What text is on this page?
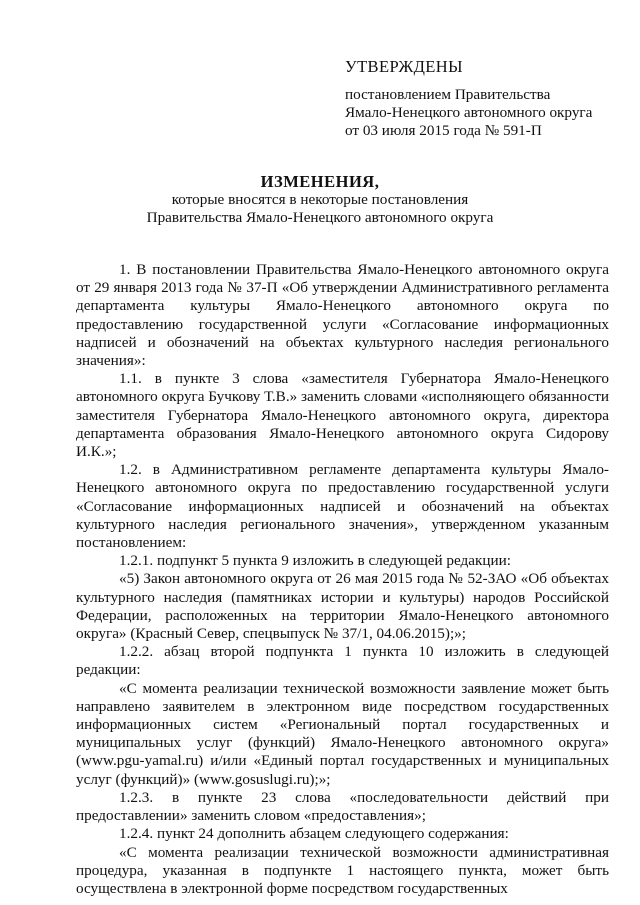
УТВЕРЖДЕНЫ
постановлением Правительства
Ямало-Ненецкого автономного округа
от 03 июля 2015 года № 591-П
ИЗМЕНЕНИЯ,
которые вносятся в некоторые постановления
Правительства Ямало-Ненецкого автономного округа

1. В постановлении Правительства Ямало-Ненецкого автономного округа от 29 января 2013 года № 37-П «Об утверждении Административного регламента департамента культуры Ямало-Ненецкого автономного округа по предоставлению государственной услуги «Согласование информационных надписей и обозначений на объектах культурного наследия регионального значения»:

1.1. в пункте 3 слова «заместителя Губернатора Ямало-Ненецкого автономного округа Бучкову Т.В.» заменить словами «исполняющего обязанности заместителя Губернатора Ямало-Ненецкого автономного округа, директора департамента образования Ямало-Ненецкого автономного округа Сидорову И.К.»;

1.2. в Административном регламенте департамента культуры Ямало-Ненецкого автономного округа по предоставлению государственной услуги «Согласование информационных надписей и обозначений на объектах культурного наследия регионального значения», утвержденном указанным постановлением:

1.2.1. подпункт 5 пункта 9 изложить в следующей редакции:

«5) Закон автономного округа от 26 мая 2015 года № 52-ЗАО «Об объектах культурного наследия (памятниках истории и культуры) народов Российской Федерации, расположенных на территории Ямало-Ненецкого автономного округа» (Красный Север, спецвыпуск № 37/1, 04.06.2015);»;

1.2.2. абзац второй подпункта 1 пункта 10 изложить в следующей редакции:

«С момента реализации технической возможности заявление может быть направлено заявителем в электронном виде посредством государственных информационных систем «Региональный портал государственных и муниципальных услуг (функций) Ямало-Ненецкого автономного округа» (www.pgu-yamal.ru) и/или «Единый портал государственных и муниципальных услуг (функций)» (www.gosuslugi.ru);»;

1.2.3. в пункте 23 слова «последовательности действий при предоставлении» заменить словом «предоставления»;

1.2.4. пункт 24 дополнить абзацем следующего содержания:

«С момента реализации технической возможности административная процедура, указанная в подпункте 1 настоящего пункта, может быть осуществлена в электронной форме посредством государственных
